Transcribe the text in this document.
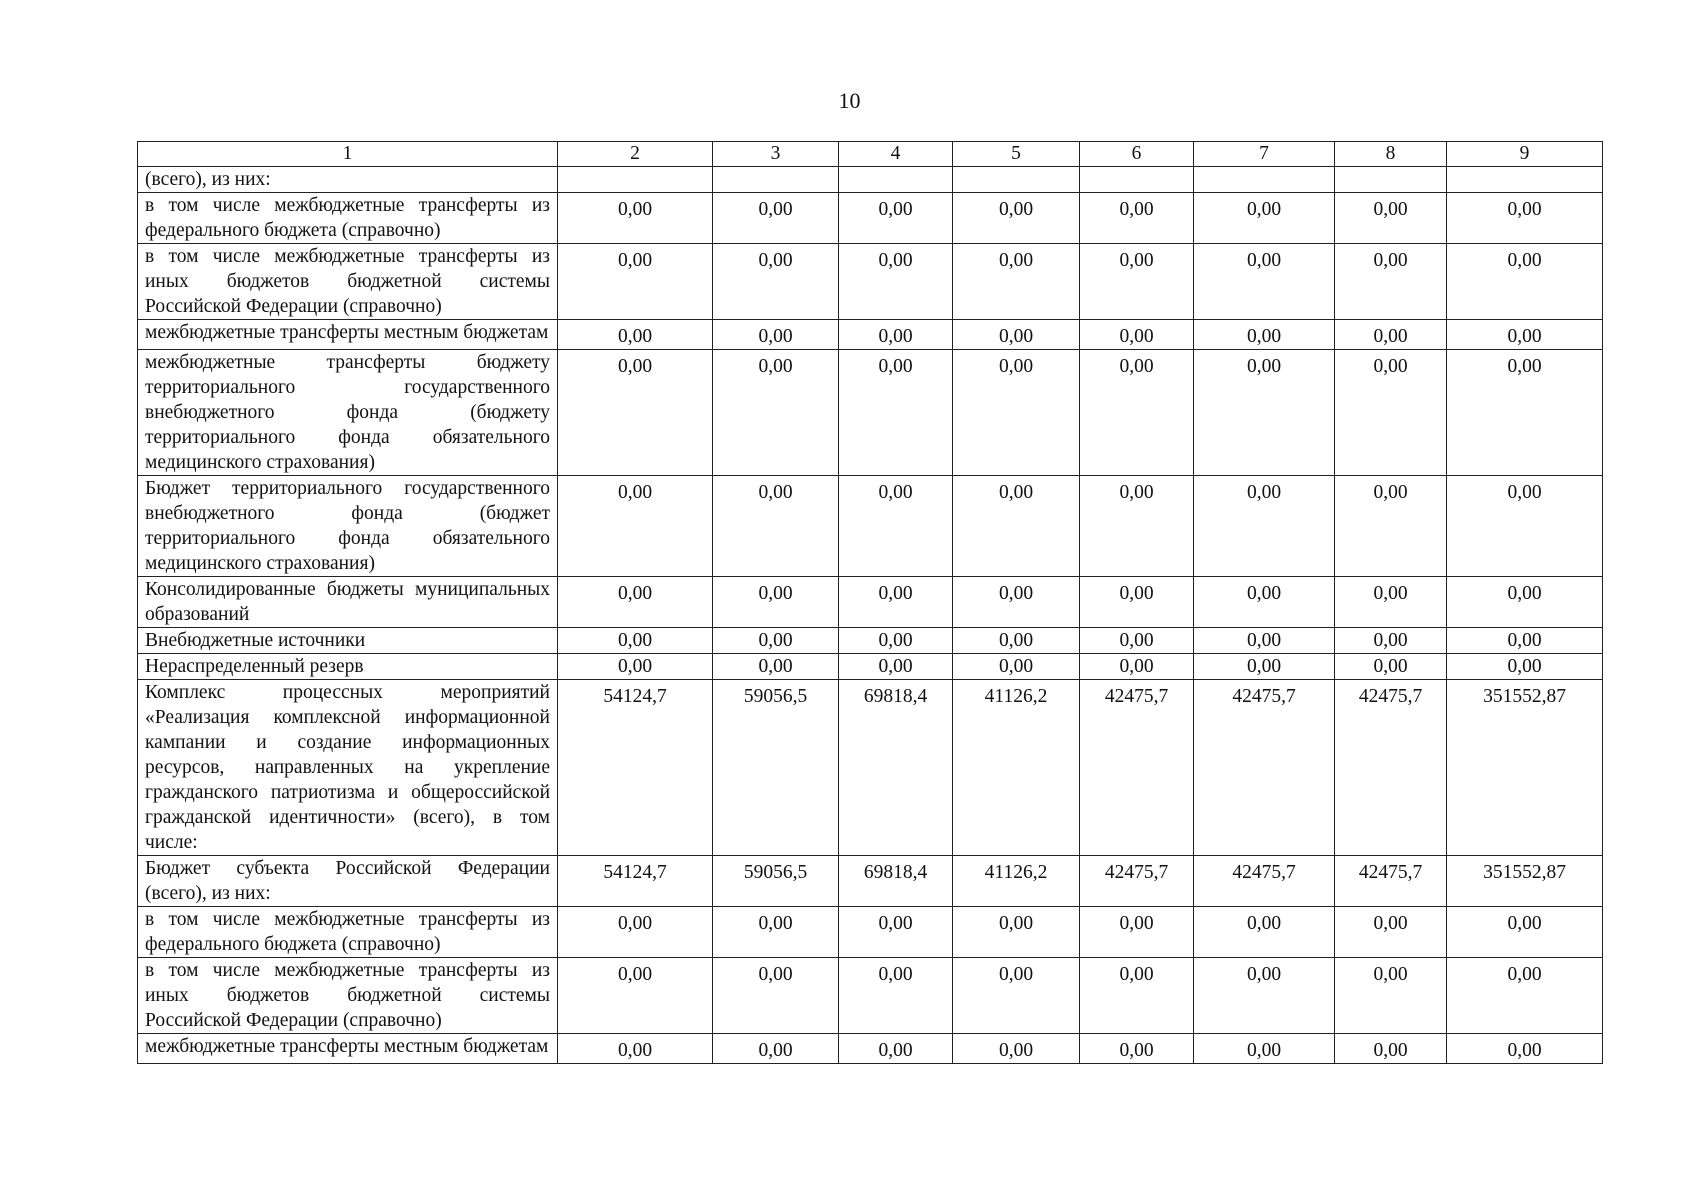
10
1	2	3	4	5	6	7	8	9
(всего), из них:								
в том числе межбюджетные трансферты из федерального бюджета (справочно)	0,00	0,00	0,00	0,00	0,00	0,00	0,00	0,00
в том числе межбюджетные трансферты из иных бюджетов бюджетной системы Российской Федерации (справочно)	0,00	0,00	0,00	0,00	0,00	0,00	0,00	0,00
межбюджетные трансферты местным бюджетам	0,00	0,00	0,00	0,00	0,00	0,00	0,00	0,00
межбюджетные трансферты бюджету территориального государственного внебюджетного фонда (бюджету территориального фонда обязательного медицинского страхования)	0,00	0,00	0,00	0,00	0,00	0,00	0,00	0,00
Бюджет территориального государственного внебюджетного фонда (бюджет территориального фонда обязательного медицинского страхования)	0,00	0,00	0,00	0,00	0,00	0,00	0,00	0,00
Консолидированные бюджеты муниципальных образований	0,00	0,00	0,00	0,00	0,00	0,00	0,00	0,00
Внебюджетные источники	0,00	0,00	0,00	0,00	0,00	0,00	0,00	0,00
Нераспределенный резерв	0,00	0,00	0,00	0,00	0,00	0,00	0,00	0,00
Комплекс процессных мероприятий «Реализация комплексной информационной кампании и создание информационных ресурсов, направленных на укрепление гражданского патриотизма и общероссийской гражданской идентичности» (всего), в том числе:	54124,7	59056,5	69818,4	41126,2	42475,7	42475,7	42475,7	351552,87
Бюджет субъекта Российской Федерации (всего), из них:	54124,7	59056,5	69818,4	41126,2	42475,7	42475,7	42475,7	351552,87
в том числе межбюджетные трансферты из федерального бюджета (справочно)	0,00	0,00	0,00	0,00	0,00	0,00	0,00	0,00
в том числе межбюджетные трансферты из иных бюджетов бюджетной системы Российской Федерации (справочно)	0,00	0,00	0,00	0,00	0,00	0,00	0,00	0,00
межбюджетные трансферты местным бюджетам	0,00	0,00	0,00	0,00	0,00	0,00	0,00	0,00
